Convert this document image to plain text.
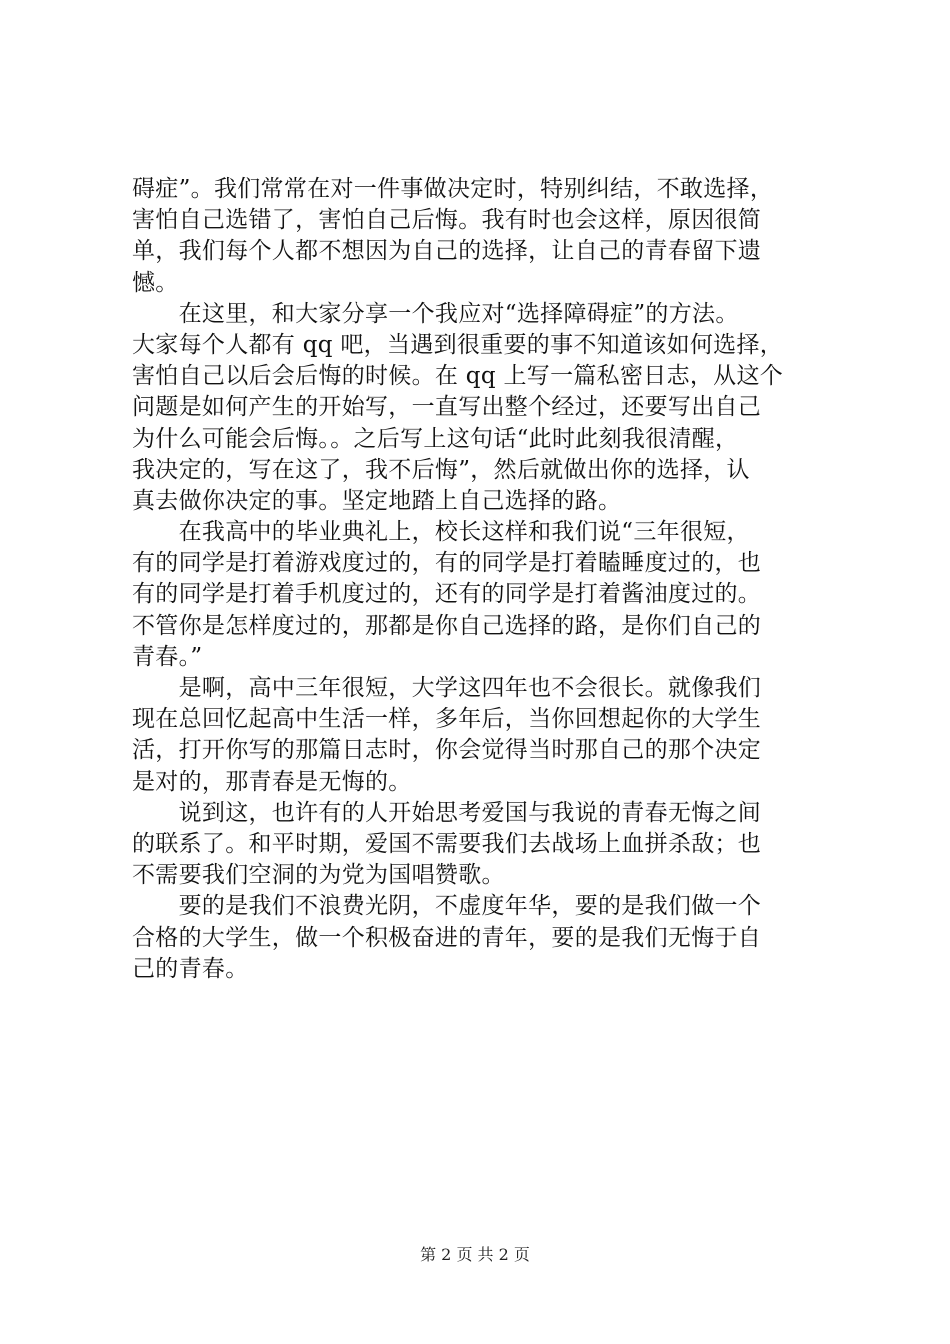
碍症”。我们常常在对一件事做决定时，特别纠结，不敢选择，
害怕自己选错了，害怕自己后悔。我有时也会这样，原因很简
单，我们每个人都不想因为自己的选择，让自己的青春留下遗
憾。
　　在这里，和大家分享一个我应对“选择障碍症”的方法。
大家每个人都有 qq 吧，当遇到很重要的事不知道该如何选择，
害怕自己以后会后悔的时候。在 qq 上写一篇私密日志，从这个
问题是如何产生的开始写，一直写出整个经过，还要写出自己
为什么可能会后悔。。之后写上这句话“此时此刻我很清醒，
我决定的，写在这了，我不后悔”，然后就做出你的选择，认
真去做你决定的事。坚定地踏上自己选择的路。
　　在我高中的毕业典礼上，校长这样和我们说“三年很短，
有的同学是打着游戏度过的，有的同学是打着瞌睡度过的，也
有的同学是打着手机度过的，还有的同学是打着酱油度过的。
不管你是怎样度过的，那都是你自己选择的路，是你们自己的
青春。”
　　是啊，高中三年很短，大学这四年也不会很长。就像我们
现在总回忆起高中生活一样，多年后，当你回想起你的大学生
活，打开你写的那篇日志时，你会觉得当时那自己的那个决定
是对的，那青春是无悔的。
　　说到这，也许有的人开始思考爱国与我说的青春无悔之间
的联系了。和平时期，爱国不需要我们去战场上血拼杀敌；也
不需要我们空洞的为党为国唱赞歌。
　　要的是我们不浪费光阴，不虚度年华，要的是我们做一个
合格的大学生，做一个积极奋进的青年，要的是我们无悔于自
己的青春。
第 2 页 共 2 页
